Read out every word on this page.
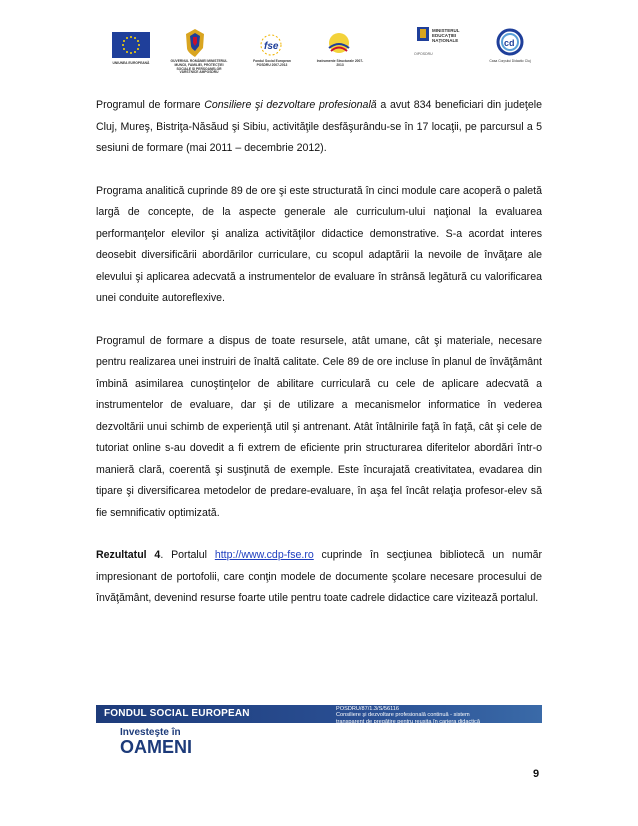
UNIUNEA EUROPEANĂ	GUVERNUL ROMÂNIEI MINISTERUL MUNCII, FAMILIEI, PROTECȚIEI SOCIALE ȘI PERSOANELOR VÂRSTNICE AMPOSDRU
fse
Fondul Social European POSDRU 2007-2013
Instrumente Structurale 2007-2013
MINISTERUL EDUCAȚIEI NAȚIONALE
OIPOSDRU
cd
Casa Corpului Didactic Cluj

Programul de formare Consiliere şi dezvoltare profesională a avut 834 beneficiari din judeţele Cluj, Mureş, Bistriţa-Năsăud şi Sibiu, activităţile desfăşurându-se în 17 locaţii, pe parcursul a 5 sesiuni de formare (mai 2011 – decembrie 2012).

Programa analitică cuprinde 89 de ore şi este structurată în cinci module care acoperă o paletă largă de concepte, de la aspecte generale ale curriculum-ului naţional la evaluarea performanţelor elevilor şi analiza activităţilor didactice demonstrative. S-a acordat interes deosebit diversificării abordărilor curriculare, cu scopul adaptării la nevoile de învăţare ale elevului şi aplicarea adecvată a instrumentelor de evaluare în strânsă legătură cu valorificarea unei conduite autoreflexive.

Programul de formare a dispus de toate resursele, atât umane, cât şi materiale, necesare pentru realizarea unei instruiri de înaltă calitate. Cele 89 de ore incluse în planul de învăţământ îmbină asimilarea cunoştinţelor de abilitare curriculară cu cele de aplicare adecvată a instrumentelor de evaluare, dar şi de utilizare a mecanismelor informatice în vederea dezvoltării unui schimb de experienţă util şi antrenant. Atât întâlnirile faţă în faţă, cât şi cele de tutoriat online s-au dovedit a fi extrem de eficiente prin structurarea diferitelor abordări într-o manieră clară, coerentă şi susţinută de exemple. Este încurajată creativitatea, evadarea din tipare şi diversificarea metodelor de predare-evaluare, în aşa fel încât relaţia profesor-elev să fie semnificativ optimizată.

Rezultatul 4. Portalul http://www.cdp-fse.ro cuprinde în secţiunea bibliotecă un număr impresionant de portofolii, care conţin modele de documente şcolare necesare procesului de învăţământ, devenind resurse foarte utile pentru toate cadrele didactice care vizitează portalul.

FONDUL SOCIAL EUROPEAN	POSDRU/87/1.3/S/56116
Consiliere şi dezvoltare profesională continuă - sistem
transparent de pregătire pentru reuşita în cariera didactică
Investeşte în
OAMENI
9
